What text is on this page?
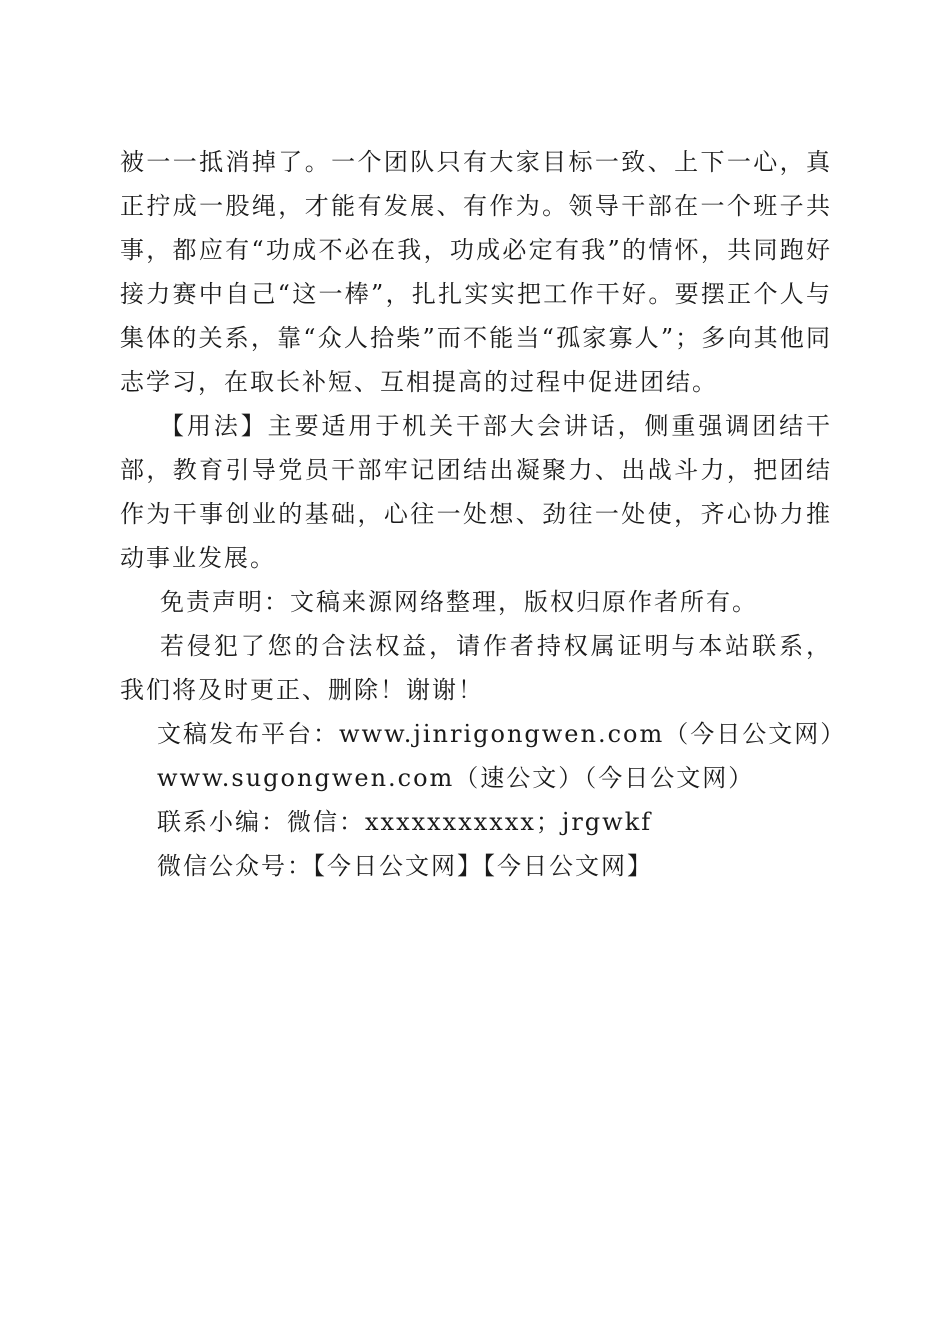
被一一抵消掉了。一个团队只有大家目标一致、上下一心，真正拧成一股绳，才能有发展、有作为。领导干部在一个班子共事，都应有“功成不必在我，功成必定有我”的情怀，共同跑好接力赛中自己“这一棒”，扎扎实实把工作干好。要摆正个人与集体的关系，靠“众人拾柴”而不能当“孤家寡人”；多向其他同志学习，在取长补短、互相提高的过程中促进团结。

【用法】主要适用于机关干部大会讲话，侧重强调团结干部，教育引导党员干部牢记团结出凝聚力、出战斗力，把团结作为干事创业的基础，心往一处想、劲往一处使，齐心协力推动事业发展。

免责声明：文稿来源网络整理，版权归原作者所有。

若侵犯了您的合法权益，请作者持权属证明与本站联系，我们将及时更正、删除！谢谢！

文稿发布平台：www.jinrigongwen.com（今日公文网）

www.sugongwen.com（速公文）（今日公文网）

联系小编：微信：xxxxxxxxxxx；jrgwkf

微信公众号：【今日公文网】【今日公文网】
